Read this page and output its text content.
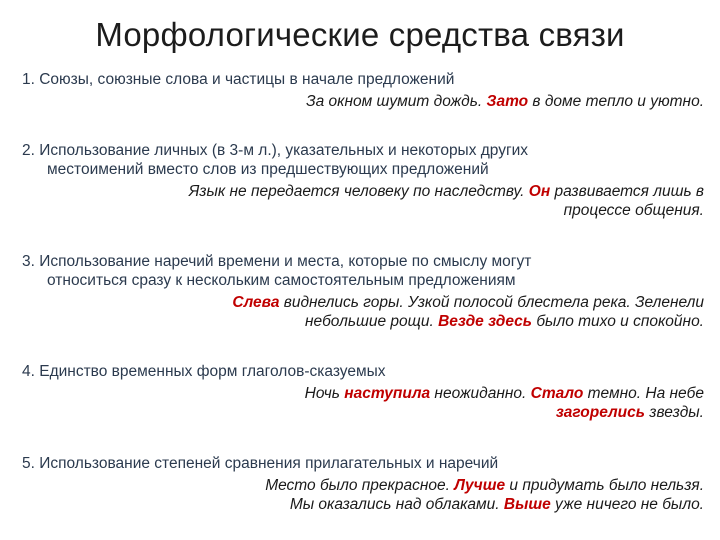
Морфологические средства связи
1. Союзы, союзные слова и частицы в начале предложений
За окном шумит дождь. Зато в доме тепло и уютно.
2. Использование личных (в 3-м л.), указательных и некоторых других
местоимений вместо слов из предшествующих предложений
Язык не передается человеку по наследству. Он развивается лишь в
процессе общения.
3. Использование наречий времени и места, которые по смыслу могут
относиться сразу к нескольким самостоятельным предложениям
Слева виднелись горы. Узкой полосой блестела река. Зеленели
небольшие рощи. Везде здесь было тихо и спокойно.
4. Единство временных форм глаголов-сказуемых
Ночь наступила неожиданно. Стало темно. На небе
загорелись звезды.
5. Использование степеней сравнения прилагательных и наречий
Место было прекрасное. Лучше и придумать было нельзя.
Мы оказались над облаками. Выше уже ничего не было.
